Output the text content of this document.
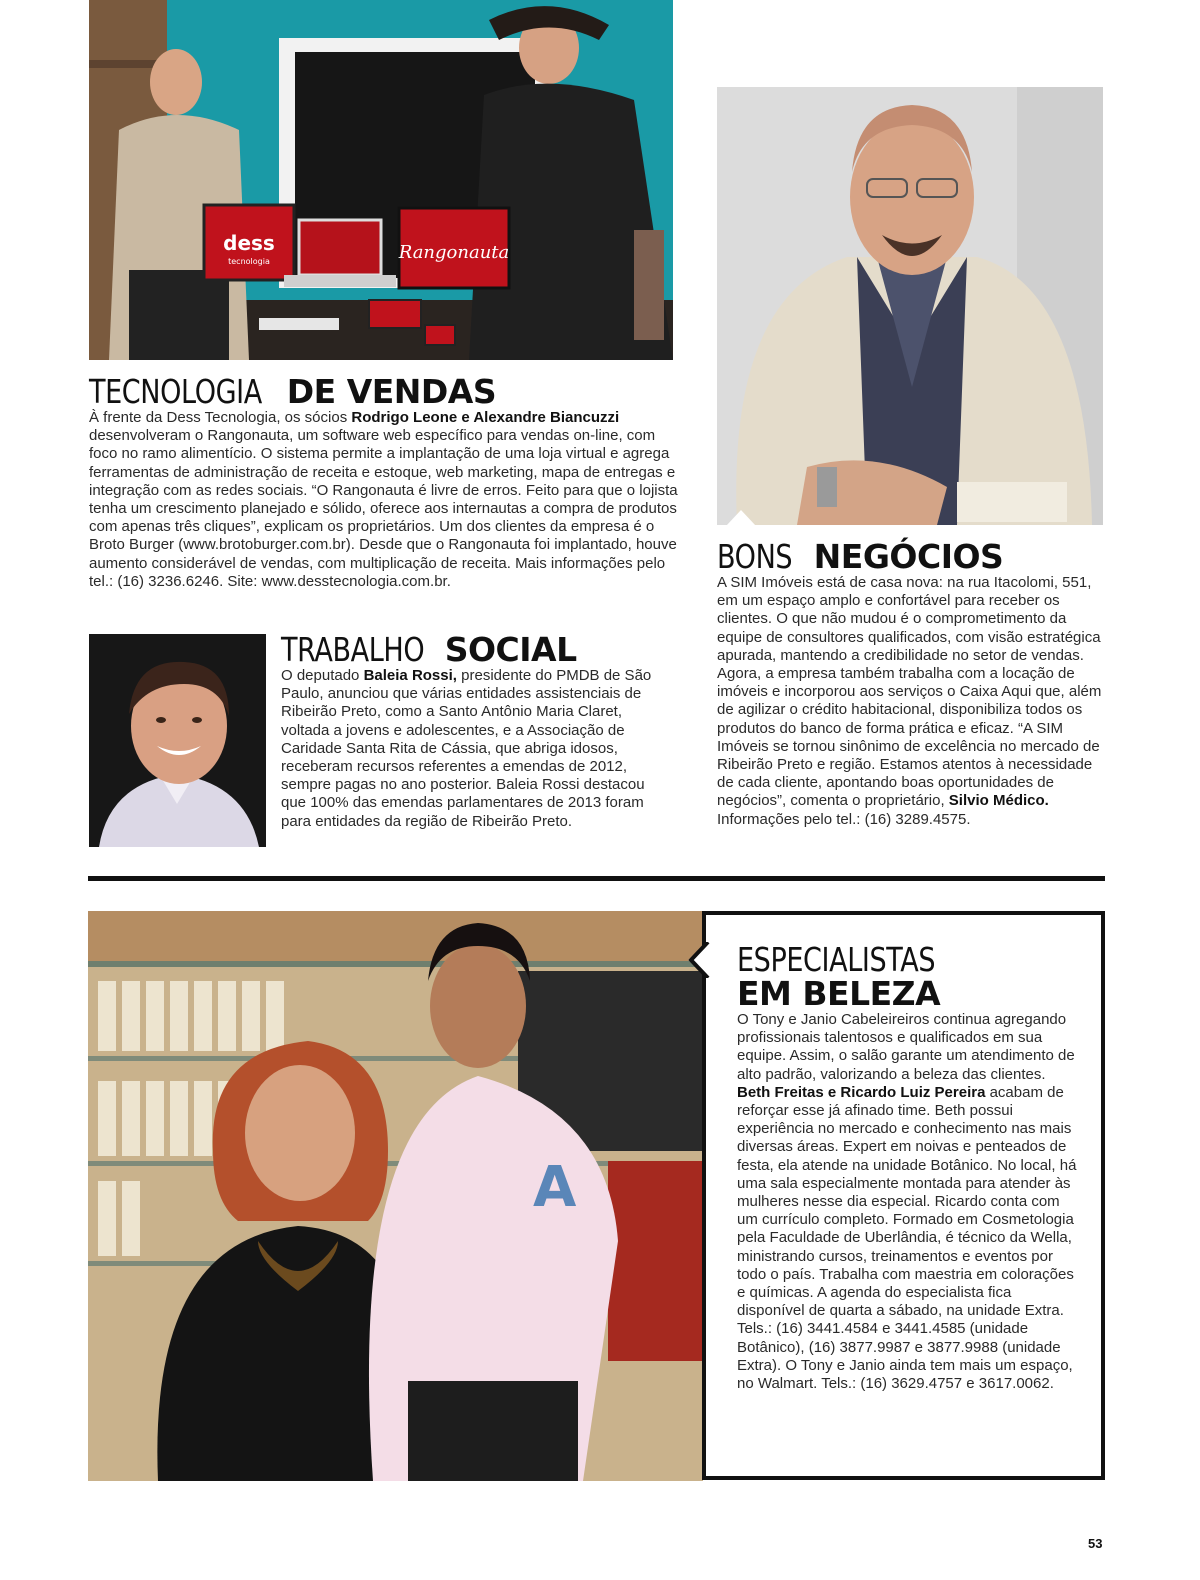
dess
tecnologia	Rangonauta
TECNOLOGIA DE VENDAS

À frente da Dess Tecnologia, os sócios Rodrigo Leone e Alexandre Biancuzzi desenvolveram o Rangonauta, um software web específico para vendas on-line, com foco no ramo alimentício. O sistema permite a implantação de uma loja virtual e agrega ferramentas de administração de receita e estoque, web marketing, mapa de entregas e integração com as redes sociais. “O Rangonauta é livre de erros. Feito para que o lojista tenha um crescimento planejado e sólido, oferece aos internautas a compra de produtos com apenas três cliques”, explicam os proprietários. Um dos clientes da empresa é o Broto Burger (www.brotoburger.com.br). Desde que o Rangonauta foi implantado, houve aumento considerável de vendas, com multiplicação de receita. Mais informações pelo tel.: (16) 3236.6246. Site: www.desstecnologia.com.br.

TRABALHO SOCIAL

O deputado Baleia Rossi, presidente do PMDB de São Paulo, anunciou que várias entidades assistenciais de Ribeirão Preto, como a Santo Antônio Maria Claret, voltada a jovens e adolescentes, e a Associação de Caridade Santa Rita de Cássia, que abriga idosos, receberam recursos referentes a emendas de 2012, sempre pagas no ano posterior. Baleia Rossi destacou que 100% das emendas parlamentares de 2013 foram para entidades da região de Ribeirão Preto.

BONS NEGÓCIOS

A SIM Imóveis está de casa nova: na rua Itacolomi, 551, em um espaço amplo e confortável para receber os clientes. O que não mudou é o comprometimento da equipe de consultores qualificados, com visão estratégica apurada, mantendo a credibilidade no setor de vendas. Agora, a empresa também trabalha com a locação de imóveis e incorporou aos serviços o Caixa Aqui que, além de agilizar o crédito habitacional, disponibiliza todos os produtos do banco de forma prática e eficaz. “A SIM Imóveis se tornou sinônimo de excelência no mercado de Ribeirão Preto e região. Estamos atentos à necessidade de cada cliente, apontando boas oportunidades de negócios”, comenta o proprietário, Silvio Médico. Informações pelo tel.: (16) 3289.4575.

A
ESPECIALISTAS
EM BELEZA

O Tony e Janio Cabeleireiros continua agregando profissionais talentosos e qualificados em sua equipe. Assim, o salão garante um atendimento de alto padrão, valorizando a beleza das clientes. Beth Freitas e Ricardo Luiz Pereira acabam de reforçar esse já afinado time. Beth possui experiência no mercado e conhecimento nas mais diversas áreas. Expert em noivas e penteados de festa, ela atende na unidade Botânico. No local, há uma sala especialmente montada para atender às mulheres nesse dia especial. Ricardo conta com um currículo completo. Formado em Cosmetologia pela Faculdade de Uberlândia, é técnico da Wella, ministrando cursos, treinamentos e eventos por todo o país. Trabalha com maestria em colorações e químicas. A agenda do especialista fica disponível de quarta a sábado, na unidade Extra. Tels.: (16) 3441.4584 e 3441.4585 (unidade Botânico), (16) 3877.9987 e 3877.9988 (unidade Extra). O Tony e Janio ainda tem mais um espaço, no Walmart. Tels.: (16) 3629.4757 e 3617.0062.

53
